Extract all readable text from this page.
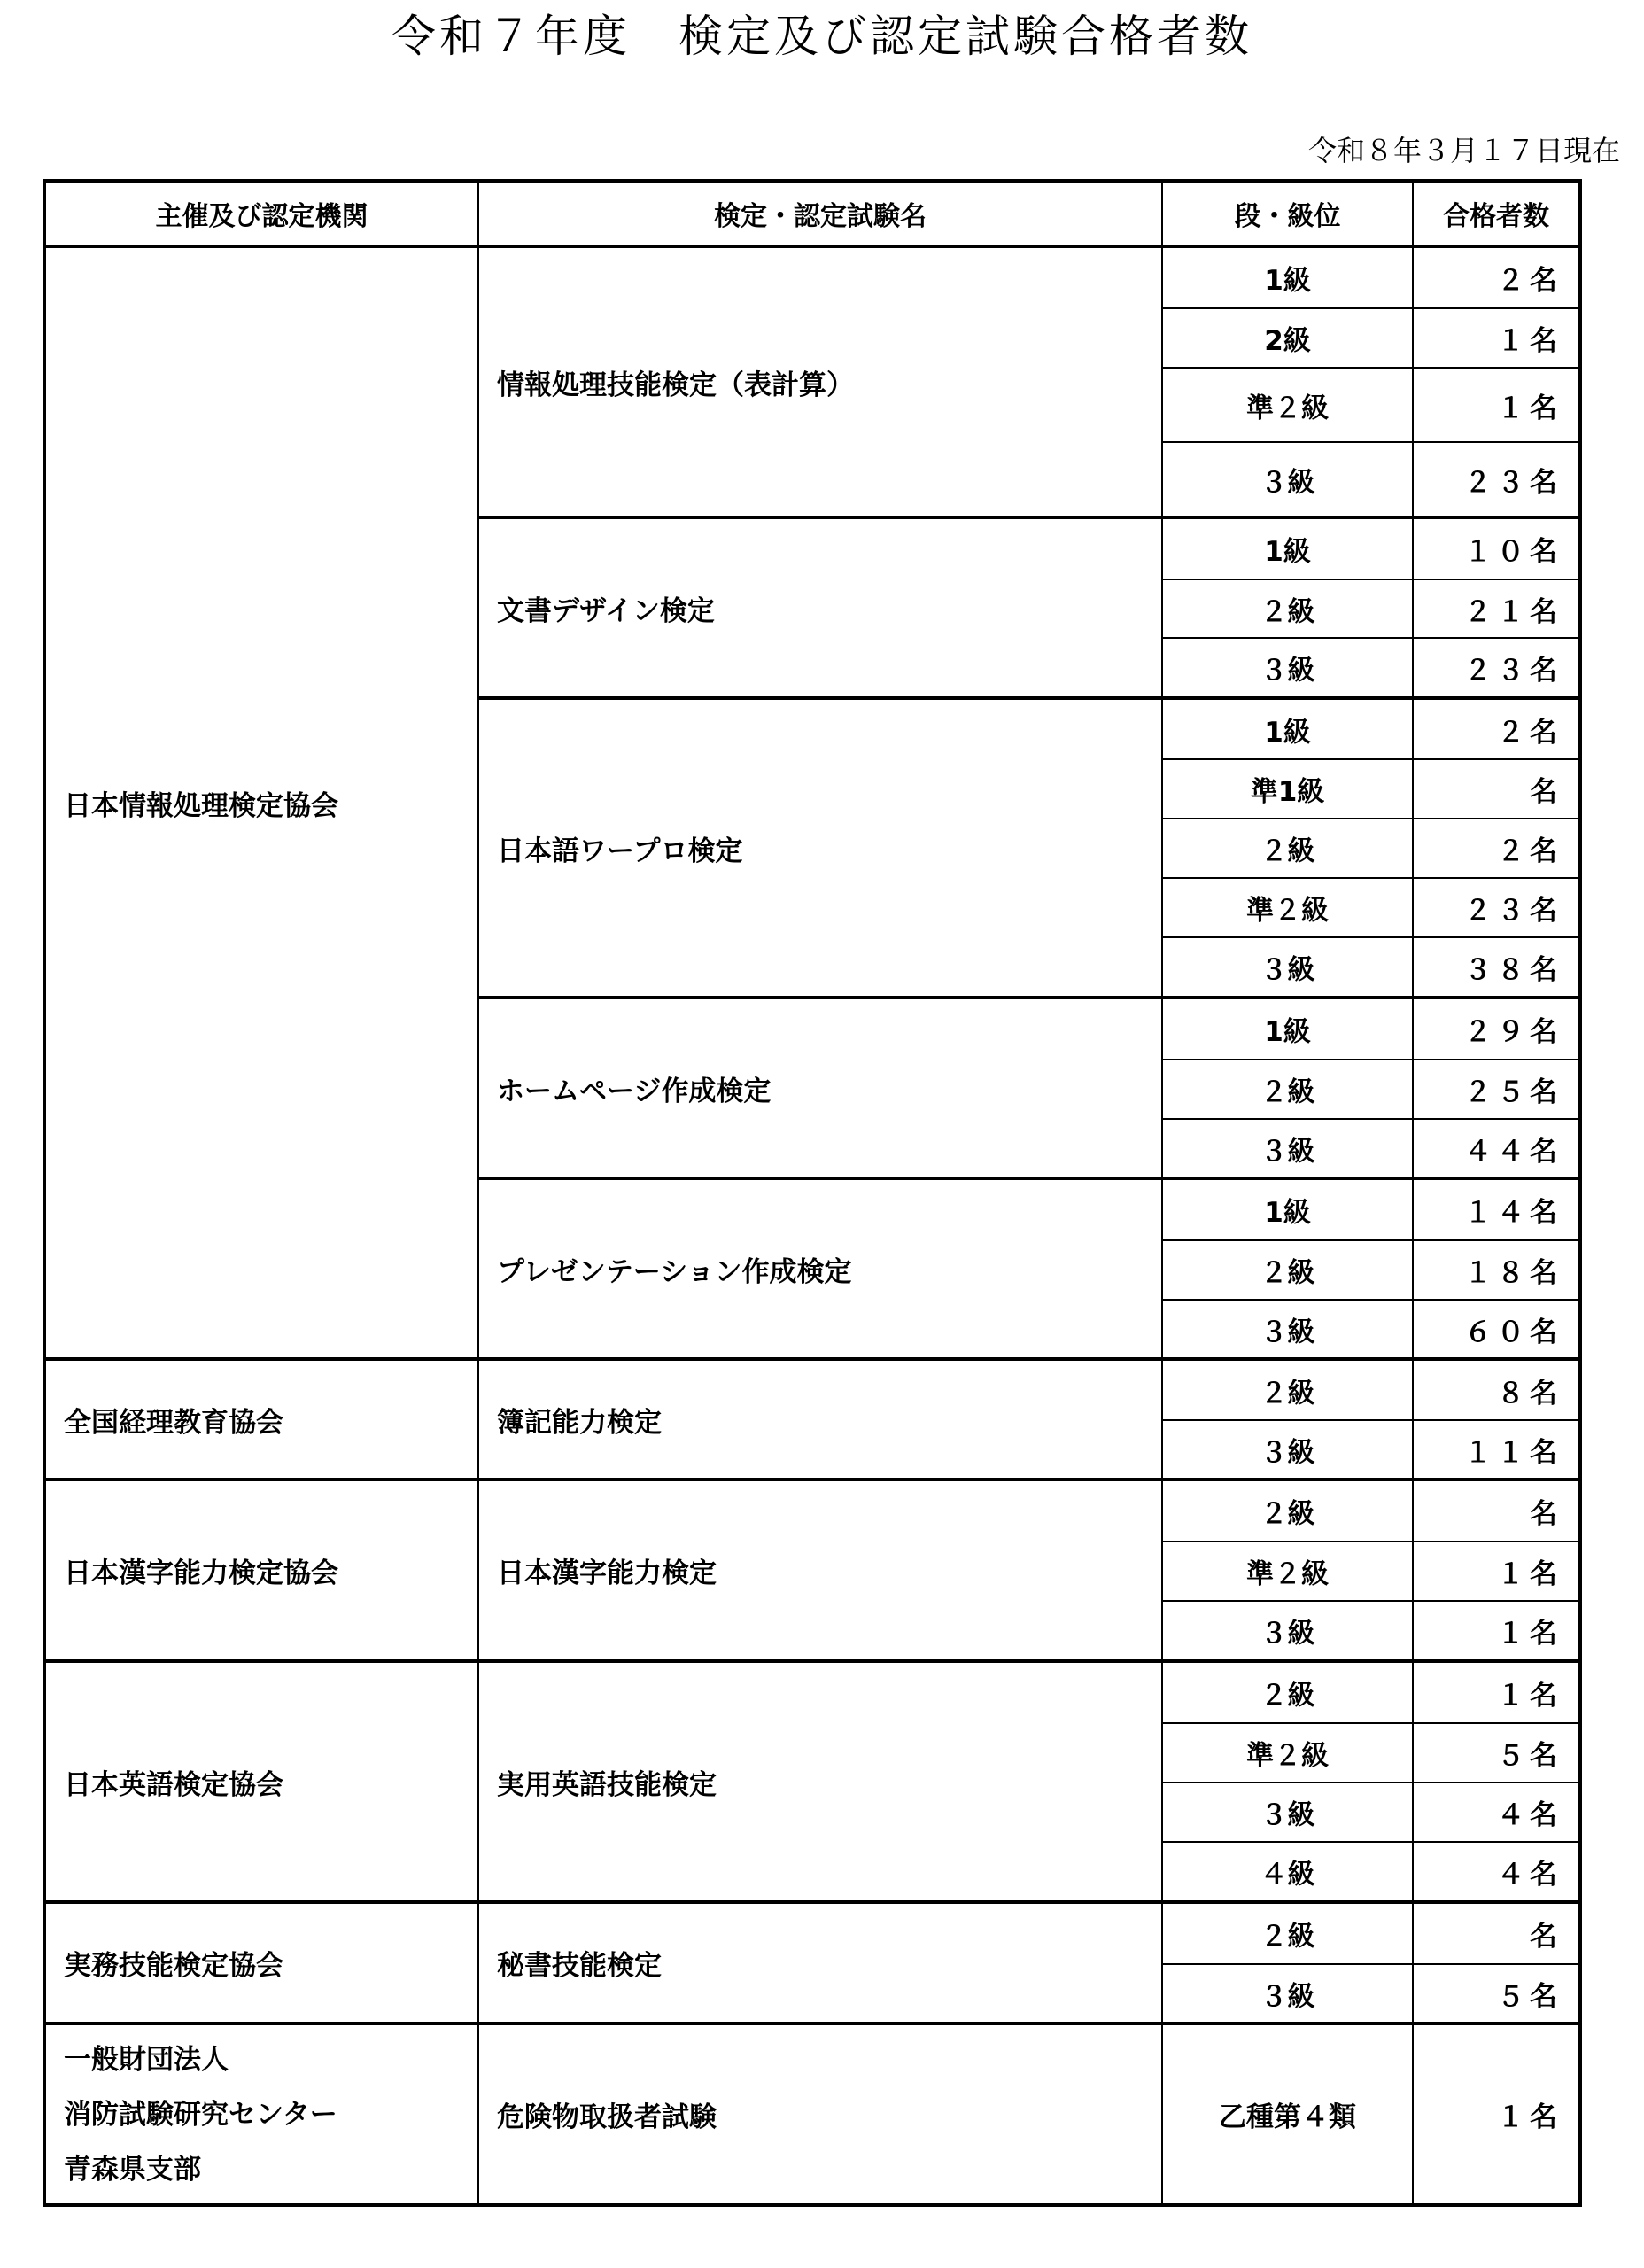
令和７年度　検定及び認定試験合格者数
令和８年３月１７日現在
主催及び認定機関	検定・認定試験名	段・級位	合格者数
日本情報処理検定協会	情報処理技能検定（表計算）	1級	２名
		2級	１名
		準２級	１名
		３級	２３名
	文書デザイン検定	1級	１０名
		２級	２１名
		３級	２３名
	日本語ワープロ検定	1級	２名
		準1級	名
		２級	２名
		準２級	２３名
		３級	３８名
	ホームページ作成検定	1級	２９名
		２級	２５名
		３級	４４名
	プレゼンテーション作成検定	1級	１４名
		２級	１８名
		３級	６０名
全国経理教育協会	簿記能力検定	２級	８名
		３級	１１名
日本漢字能力検定協会	日本漢字能力検定	２級	名
		準２級	１名
		３級	１名
日本英語検定協会	実用英語技能検定	２級	１名
		準２級	５名
		３級	４名
		４級	４名
実務技能検定協会	秘書技能検定	２級	名
		３級	５名

一般財団法人
消防試験研究センター
青森県支部	危険物取扱者試験	乙種第４類	１名
